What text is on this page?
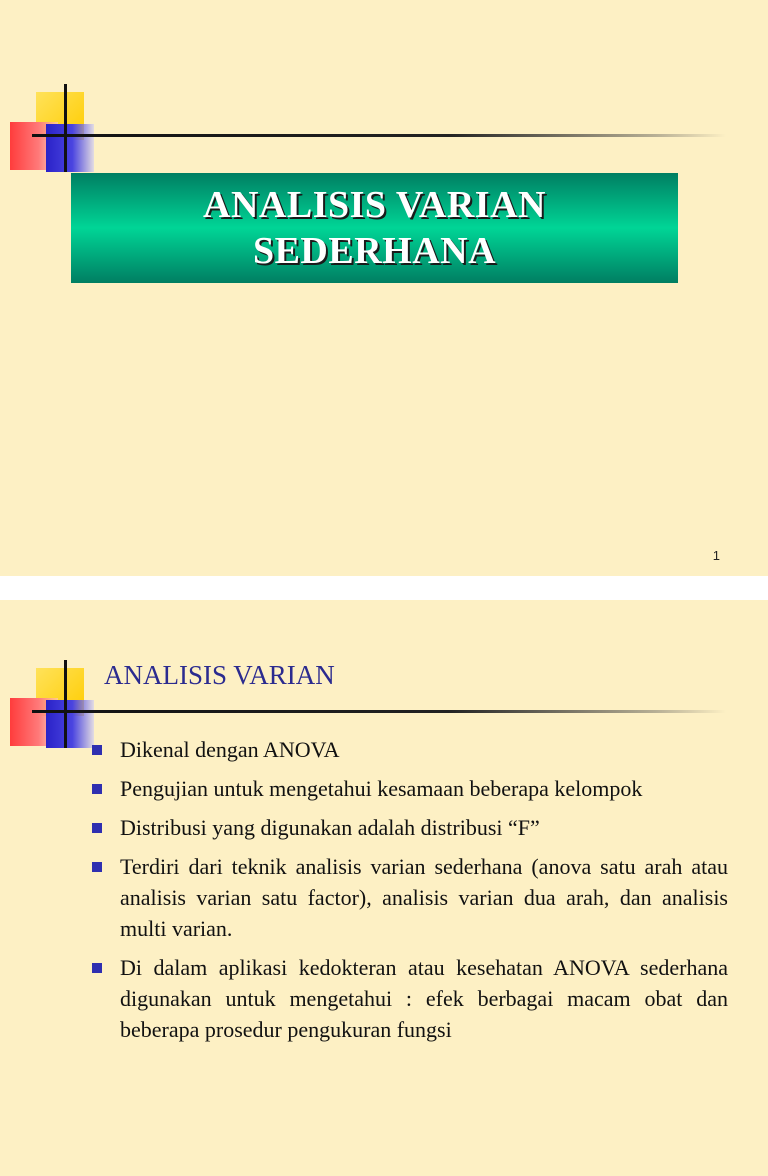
ANALISIS VARIAN
SEDERHANA
1
ANALISIS VARIAN
Dikenal dengan ANOVA
Pengujian untuk mengetahui kesamaan beberapa kelompok
Distribusi yang digunakan adalah distribusi “F”
Terdiri dari teknik analisis varian sederhana (anova satu arah atau analisis varian satu factor), analisis varian dua arah, dan analisis multi varian.
Di dalam aplikasi kedokteran atau kesehatan ANOVA sederhana digunakan untuk mengetahui : efek berbagai macam obat dan beberapa prosedur pengukuran fungsi
